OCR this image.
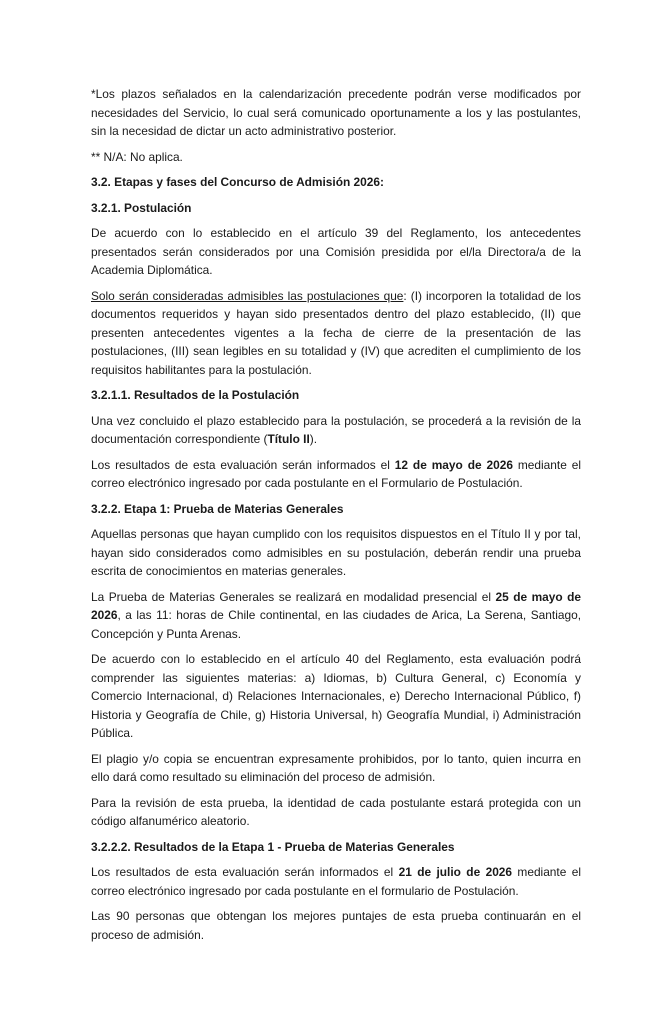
*Los plazos señalados en la calendarización precedente podrán verse modificados por necesidades del Servicio, lo cual será comunicado oportunamente a los y las postulantes, sin la necesidad de dictar un acto administrativo posterior.

** N/A: No aplica.

3.2. Etapas y fases del Concurso de Admisión 2026:

3.2.1. Postulación

De acuerdo con lo establecido en el artículo 39 del Reglamento, los antecedentes presentados serán considerados por una Comisión presidida por el/la Directora/a de la Academia Diplomática.

Solo serán consideradas admisibles las postulaciones que: (I) incorporen la totalidad de los documentos requeridos y hayan sido presentados dentro del plazo establecido, (II) que presenten antecedentes vigentes a la fecha de cierre de la presentación de las postulaciones, (III) sean legibles en su totalidad y (IV) que acrediten el cumplimiento de los requisitos habilitantes para la postulación.

3.2.1.1. Resultados de la Postulación

Una vez concluido el plazo establecido para la postulación, se procederá a la revisión de la documentación correspondiente (Título II).

Los resultados de esta evaluación serán informados el 12 de mayo de 2026 mediante el correo electrónico ingresado por cada postulante en el Formulario de Postulación.

3.2.2. Etapa 1: Prueba de Materias Generales

Aquellas personas que hayan cumplido con los requisitos dispuestos en el Título II y por tal, hayan sido considerados como admisibles en su postulación, deberán rendir una prueba escrita de conocimientos en materias generales.

La Prueba de Materias Generales se realizará en modalidad presencial el 25 de mayo de 2026, a las 11: horas de Chile continental, en las ciudades de Arica, La Serena, Santiago, Concepción y Punta Arenas.

De acuerdo con lo establecido en el artículo 40 del Reglamento, esta evaluación podrá comprender las siguientes materias: a) Idiomas, b) Cultura General, c) Economía y Comercio Internacional, d) Relaciones Internacionales, e) Derecho Internacional Público, f) Historia y Geografía de Chile, g) Historia Universal, h) Geografía Mundial, i) Administración Pública.

El plagio y/o copia se encuentran expresamente prohibidos, por lo tanto, quien incurra en ello dará como resultado su eliminación del proceso de admisión.

Para la revisión de esta prueba, la identidad de cada postulante estará protegida con un código alfanumérico aleatorio.

3.2.2.2. Resultados de la Etapa 1 - Prueba de Materias Generales

Los resultados de esta evaluación serán informados el 21 de julio de 2026 mediante el correo electrónico ingresado por cada postulante en el formulario de Postulación.

Las 90 personas que obtengan los mejores puntajes de esta prueba continuarán en el proceso de admisión.
